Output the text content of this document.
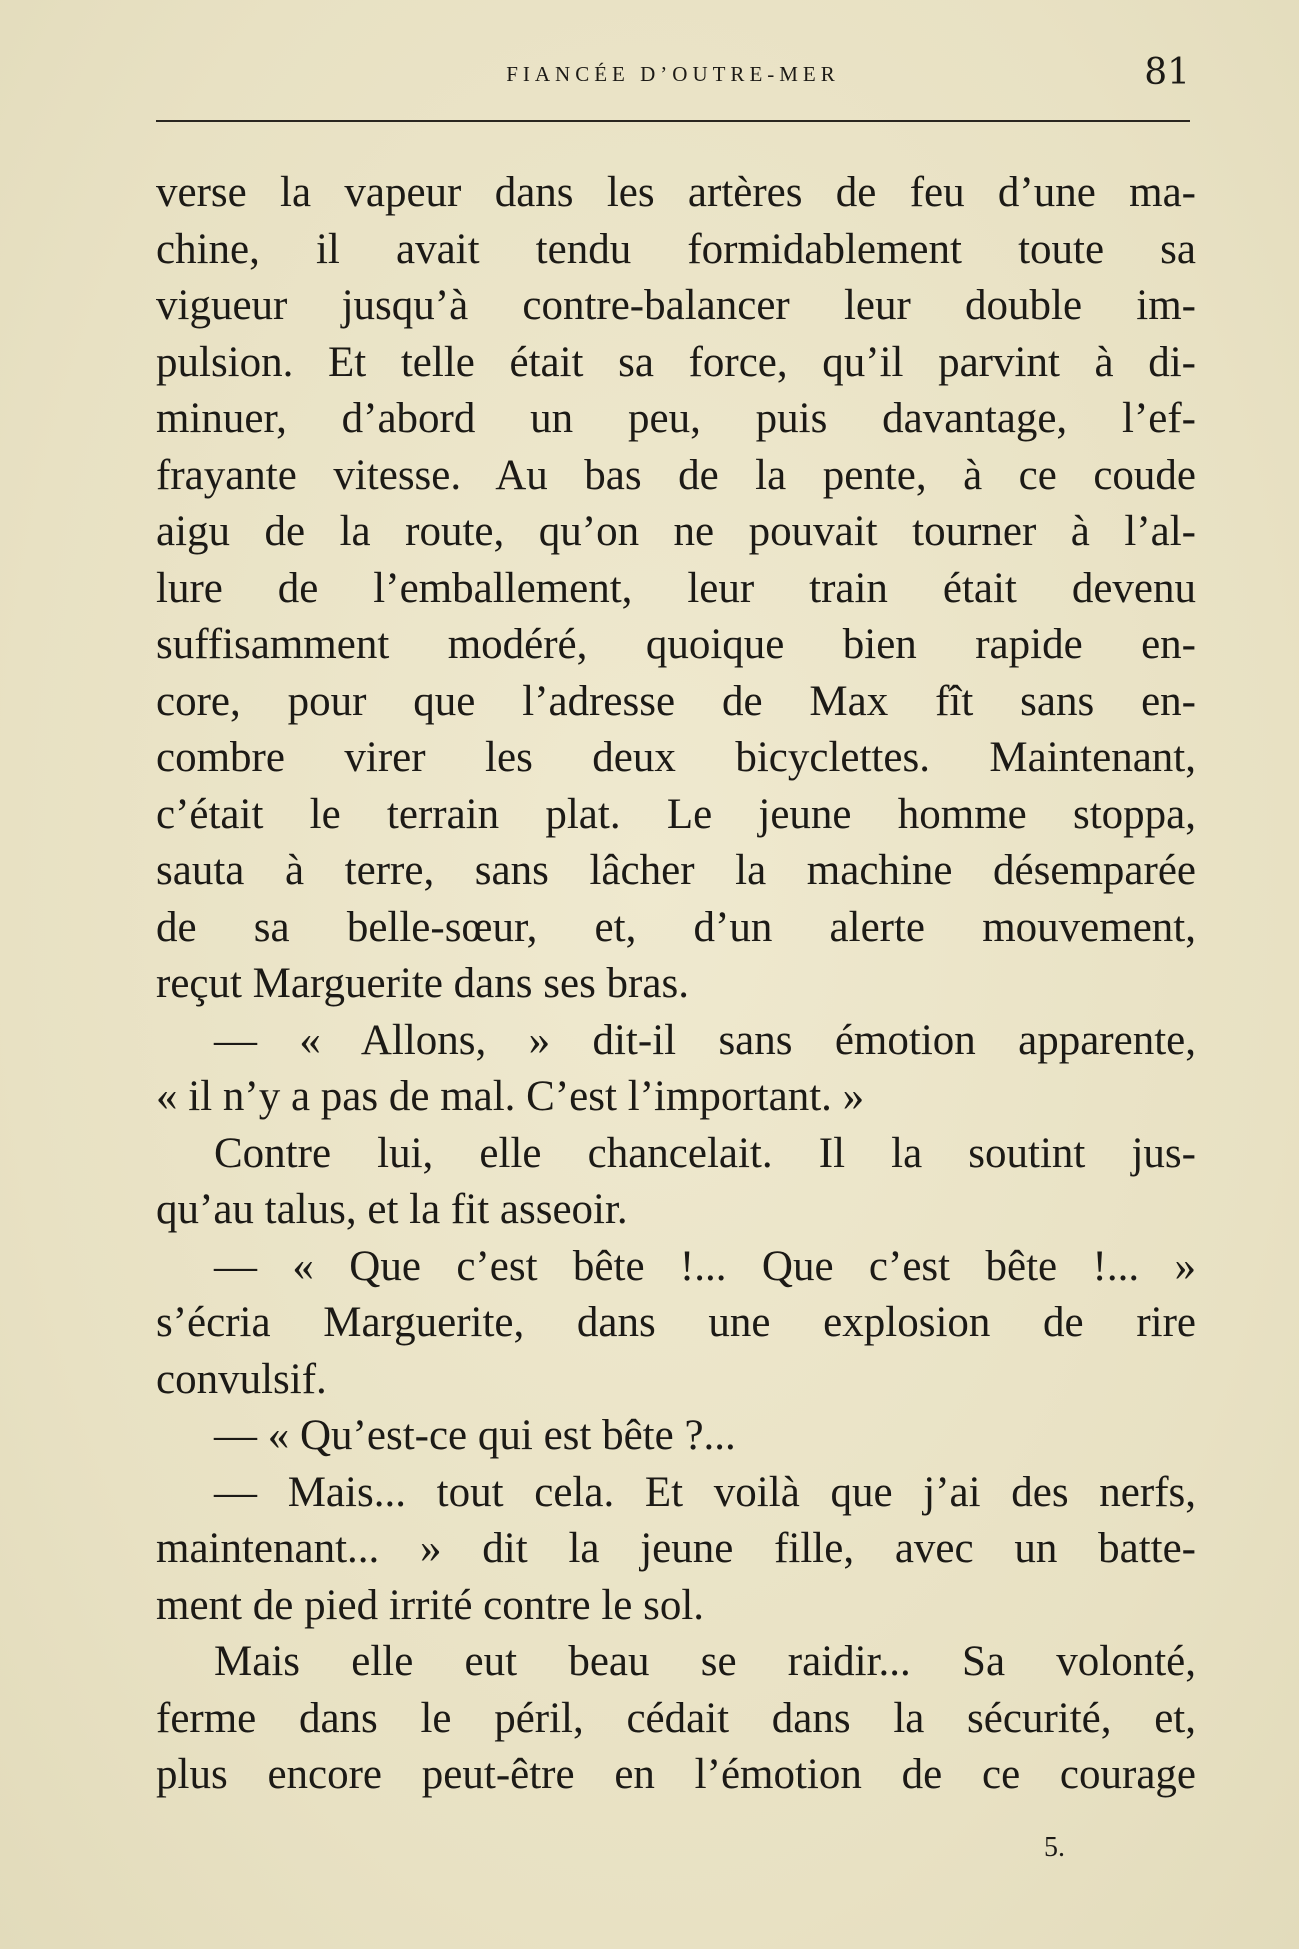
FIANCÉE D’OUTRE-MER	81
verse la vapeur dans les artères de feu d’une ma-
chine, il avait tendu formidablement toute sa
vigueur jusqu’à contre-balancer leur double im-
pulsion. Et telle était sa force, qu’il parvint à di-
minuer, d’abord un peu, puis davantage, l’ef-
frayante vitesse. Au bas de la pente, à ce coude
aigu de la route, qu’on ne pouvait tourner à l’al-
lure de l’emballement, leur train était devenu
suffisamment modéré, quoique bien rapide en-
core, pour que l’adresse de Max fît sans en-
combre virer les deux bicyclettes. Maintenant,
c’était le terrain plat. Le jeune homme stoppa,
sauta à terre, sans lâcher la machine désemparée
de sa belle-sœur, et, d’un alerte mouvement,
reçut Marguerite dans ses bras.
— « Allons, » dit-il sans émotion apparente,
« il n’y a pas de mal. C’est l’important. »
Contre lui, elle chancelait. Il la soutint jus-
qu’au talus, et la fit asseoir.
— « Que c’est bête !... Que c’est bête !... »
s’écria Marguerite, dans une explosion de rire
convulsif.
— « Qu’est-ce qui est bête ?...
— Mais... tout cela. Et voilà que j’ai des nerfs,
maintenant... » dit la jeune fille, avec un batte-
ment de pied irrité contre le sol.
Mais elle eut beau se raidir... Sa volonté,
ferme dans le péril, cédait dans la sécurité, et,
plus encore peut-être en l’émotion de ce courage
5.
